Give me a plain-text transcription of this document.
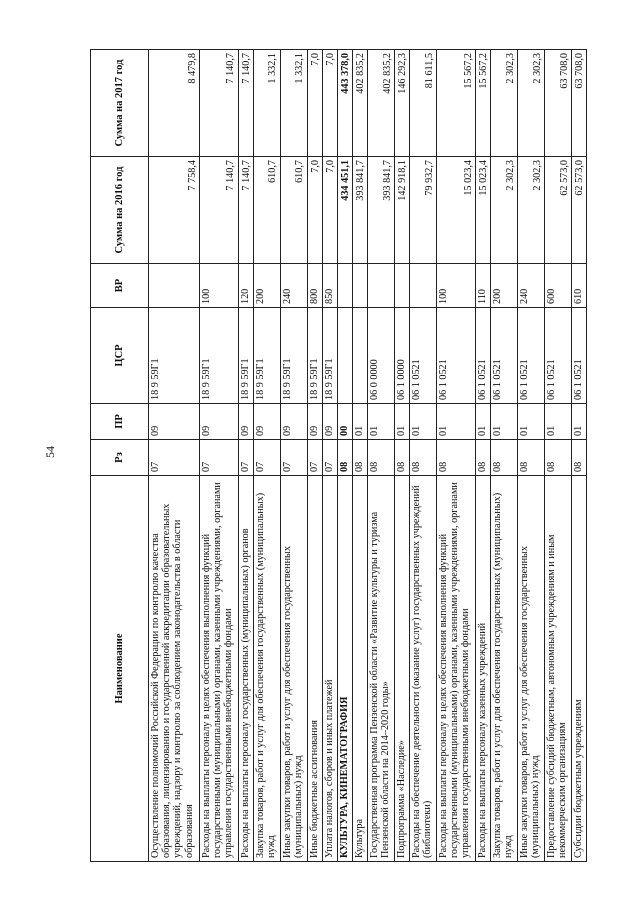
54
Наименование	Рз	ПР	ЦСР	ВР	Сумма на 2016 год	Сумма на 2017 год
Осуществление полномочий Российской Федерации по контролю качества образования, лицензированию и государственной аккредитации образовательных учреждений, надзору и контролю за соблюдением законодательства в области образования	07	09	18 9 59Г1		7 758,4	8 479,8
Расходы на выплаты персоналу в целях обеспечения выполнения функций государственными (муниципальными) органами, казенными учреждениями, органами управления государственными внебюджетными фондами	07	09	18 9 59Г1	100	7 140,7	7 140,7
Расходы на выплаты персоналу государственных (муниципальных) органов	07	09	18 9 59Г1	120	7 140,7	7 140,7
Закупка товаров, работ и услуг для обеспечения государственных (муниципальных) нужд	07	09	18 9 59Г1	200	610,7	1 332,1
Иные закупки товаров, работ и услуг для обеспечения государственных (муниципальных) нужд	07	09	18 9 59Г1	240	610,7	1 332,1
Иные бюджетные ассигнования	07	09	18 9 59Г1	800	7,0	7,0
Уплата налогов, сборов и иных платежей	07	09	18 9 59Г1	850	7,0	7,0
КУЛЬТУРА, КИНЕМАТОГРАФИЯ	08	00			434 451,1	443 378,0
Культура	08	01			393 841,7	402 835,2
Государственная программа Пензенской области «Развитие культуры и туризма Пензенской области на 2014–2020 годы»	08	01	06 0 0000		393 841,7	402 835,2
Подпрограмма «Наследие»	08	01	06 1 0000		142 918,1	146 292,3
Расходы на обеспечение деятельности (оказание услуг) государственных учреждений (библиотеки)	08	01	06 1 0521		79 932,7	81 611,5
Расходы на выплаты персоналу в целях обеспечения выполнения функций государственными (муниципальными) органами, казенными учреждениями, органами управления государственными внебюджетными фондами	08	01	06 1 0521	100	15 023,4	15 567,2
Расходы на выплаты персоналу казенных учреждений	08	01	06 1 0521	110	15 023,4	15 567,2
Закупка товаров, работ и услуг для обеспечения государственных (муниципальных) нужд	08	01	06 1 0521	200	2 302,3	2 302,3
Иные закупки товаров, работ и услуг для обеспечения государственных (муниципальных) нужд	08	01	06 1 0521	240	2 302,3	2 302,3
Предоставление субсидий бюджетным, автономным учреждениям и иным некоммерческим организациям	08	01	06 1 0521	600	62 573,0	63 708,0
Субсидии бюджетным учреждениям	08	01	06 1 0521	610	62 573,0	63 708,0
